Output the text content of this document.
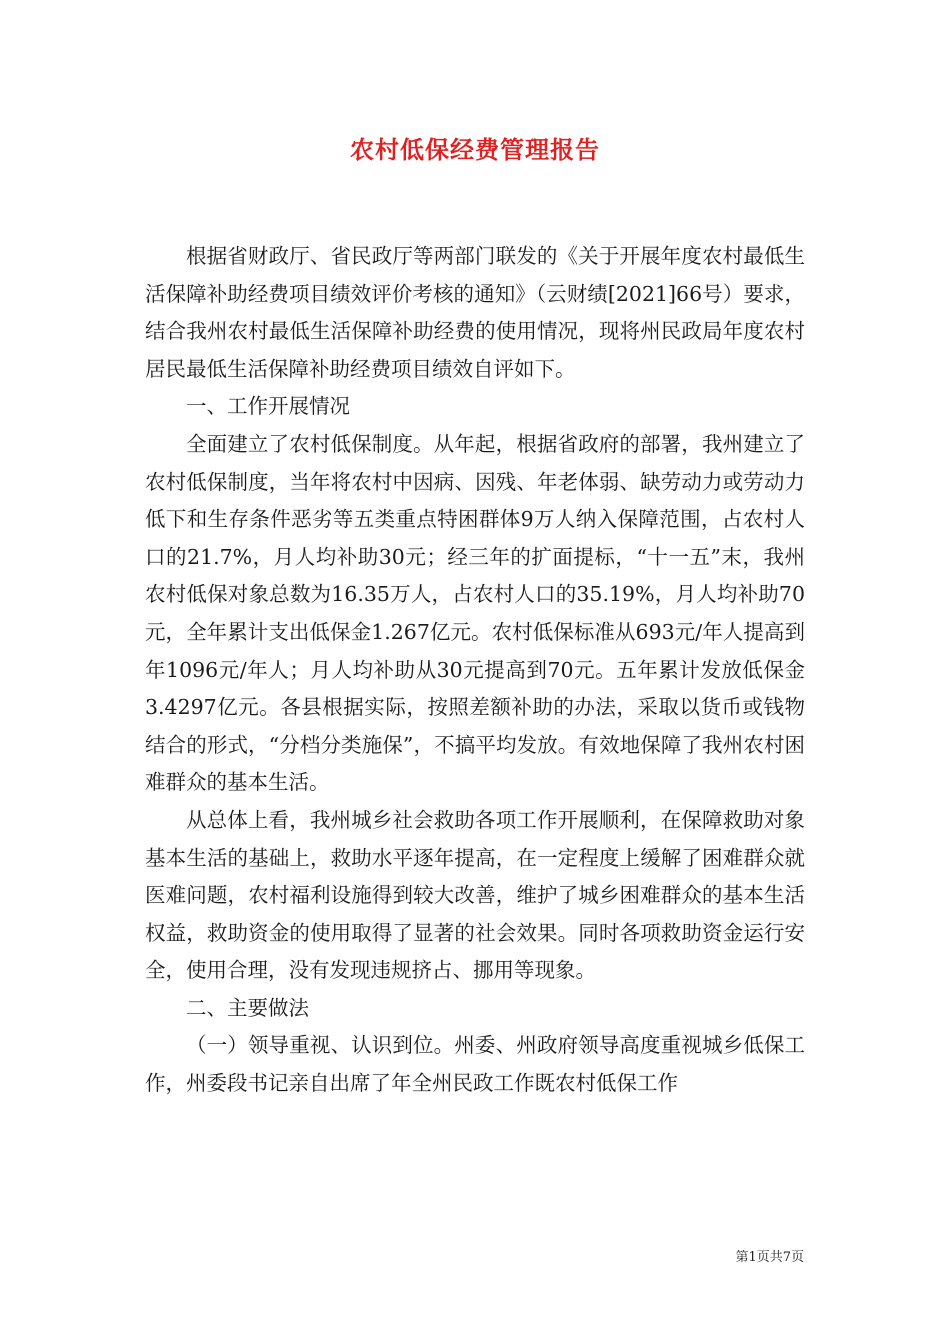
农村低保经费管理报告

根据省财政厅、省民政厅等两部门联发的《关于开展年度农村最低生活保障补助经费项目绩效评价考核的通知》（云财绩[2021]66号）要求，结合我州农村最低生活保障补助经费的使用情况，现将州民政局年度农村居民最低生活保障补助经费项目绩效自评如下。

一、工作开展情况

全面建立了农村低保制度。从年起，根据省政府的部署，我州建立了农村低保制度，当年将农村中因病、因残、年老体弱、缺劳动力或劳动力低下和生存条件恶劣等五类重点特困群体9万人纳入保障范围，占农村人口的21.7%，月人均补助30元；经三年的扩面提标，“十一五”末，我州农村低保对象总数为16.35万人，占农村人口的35.19%，月人均补助70元，全年累计支出低保金1.267亿元。农村低保标准从693元/年人提高到年1096元/年人；月人均补助从30元提高到70元。五年累计发放低保金3.4297亿元。各县根据实际，按照差额补助的办法，采取以货币或钱物结合的形式，“分档分类施保”，不搞平均发放。有效地保障了我州农村困难群众的基本生活。

从总体上看，我州城乡社会救助各项工作开展顺利，在保障救助对象基本生活的基础上，救助水平逐年提高，在一定程度上缓解了困难群众就医难问题，农村福利设施得到较大改善，维护了城乡困难群众的基本生活权益，救助资金的使用取得了显著的社会效果。同时各项救助资金运行安全，使用合理，没有发现违规挤占、挪用等现象。

二、主要做法

（一）领导重视、认识到位。州委、州政府领导高度重视城乡低保工作，州委段书记亲自出席了年全州民政工作既农村低保工作

第1页共7页
